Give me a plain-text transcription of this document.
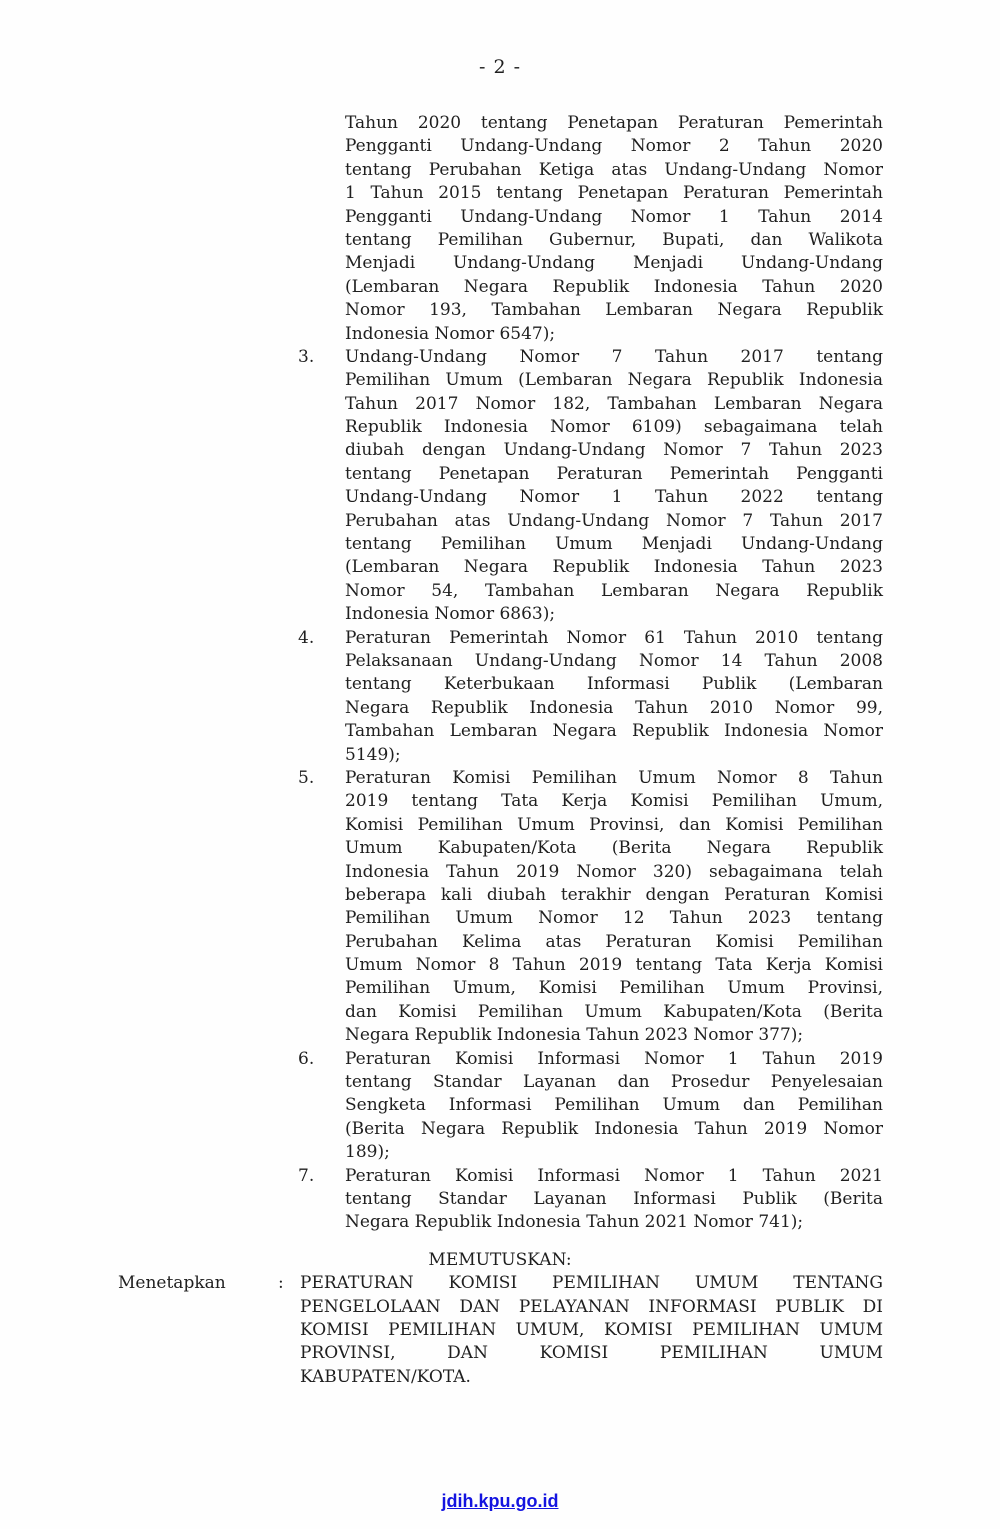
- 2 -
Tahun 2020 tentang Penetapan Peraturan Pemerintah
Pengganti Undang-Undang Nomor 2 Tahun 2020
tentang Perubahan Ketiga atas Undang-Undang Nomor
1 Tahun 2015 tentang Penetapan Peraturan Pemerintah
Pengganti Undang-Undang Nomor 1 Tahun 2014
tentang Pemilihan Gubernur, Bupati, dan Walikota
Menjadi Undang-Undang Menjadi Undang-Undang
(Lembaran Negara Republik Indonesia Tahun 2020
Nomor 193, Tambahan Lembaran Negara Republik
Indonesia Nomor 6547);
3.	Undang-Undang Nomor 7 Tahun 2017 tentang
Pemilihan Umum (Lembaran Negara Republik Indonesia
Tahun 2017 Nomor 182, Tambahan Lembaran Negara
Republik Indonesia Nomor 6109) sebagaimana telah
diubah dengan Undang-Undang Nomor 7 Tahun 2023
tentang Penetapan Peraturan Pemerintah Pengganti
Undang-Undang Nomor 1 Tahun 2022 tentang
Perubahan atas Undang-Undang Nomor 7 Tahun 2017
tentang Pemilihan Umum Menjadi Undang-Undang
(Lembaran Negara Republik Indonesia Tahun 2023
Nomor 54, Tambahan Lembaran Negara Republik
Indonesia Nomor 6863);
4.	Peraturan Pemerintah Nomor 61 Tahun 2010 tentang
Pelaksanaan Undang-Undang Nomor 14 Tahun 2008
tentang Keterbukaan Informasi Publik (Lembaran
Negara Republik Indonesia Tahun 2010 Nomor 99,
Tambahan Lembaran Negara Republik Indonesia Nomor
5149);
5.	Peraturan Komisi Pemilihan Umum Nomor 8 Tahun
2019 tentang Tata Kerja Komisi Pemilihan Umum,
Komisi Pemilihan Umum Provinsi, dan Komisi Pemilihan
Umum Kabupaten/Kota (Berita Negara Republik
Indonesia Tahun 2019 Nomor 320) sebagaimana telah
beberapa kali diubah terakhir dengan Peraturan Komisi
Pemilihan Umum Nomor 12 Tahun 2023 tentang
Perubahan Kelima atas Peraturan Komisi Pemilihan
Umum Nomor 8 Tahun 2019 tentang Tata Kerja Komisi
Pemilihan Umum, Komisi Pemilihan Umum Provinsi,
dan Komisi Pemilihan Umum Kabupaten/Kota (Berita
Negara Republik Indonesia Tahun 2023 Nomor 377);
6.	Peraturan Komisi Informasi Nomor 1 Tahun 2019
tentang Standar Layanan dan Prosedur Penyelesaian
Sengketa Informasi Pemilihan Umum dan Pemilihan
(Berita Negara Republik Indonesia Tahun 2019 Nomor
189);
7.	Peraturan Komisi Informasi Nomor 1 Tahun 2021
tentang Standar Layanan Informasi Publik (Berita
Negara Republik Indonesia Tahun 2021 Nomor 741);
MEMUTUSKAN:
Menetapkan	: PERATURAN KOMISI PEMILIHAN UMUM TENTANG
PENGELOLAAN DAN PELAYANAN INFORMASI PUBLIK DI
KOMISI PEMILIHAN UMUM, KOMISI PEMILIHAN UMUM
PROVINSI, DAN KOMISI PEMILIHAN UMUM
KABUPATEN/KOTA.
jdih.kpu.go.id
